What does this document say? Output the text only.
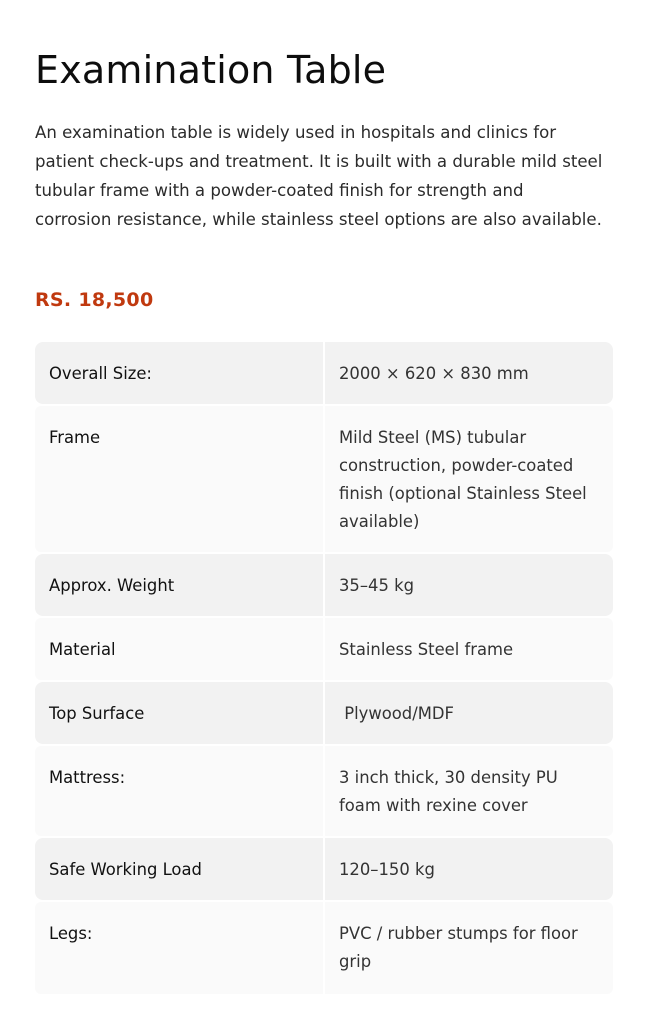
Examination Table

An examination table is widely used in hospitals and clinics for patient check-ups and treatment. It is built with a durable mild steel tubular frame with a powder-coated finish for strength and corrosion resistance, while stainless steel options are also available.

RS. 18,500

Overall Size:	2000 × 620 × 830 mm
Frame	Mild Steel (MS) tubular construction, powder-coated finish (optional Stainless Steel available)
Approx. Weight	35–45 kg
Material	Stainless Steel frame
Top Surface	Plywood/MDF
Mattress:	3 inch thick, 30 density PU foam with rexine cover
Safe Working Load	120–150 kg
Legs:	PVC / rubber stumps for floor grip
